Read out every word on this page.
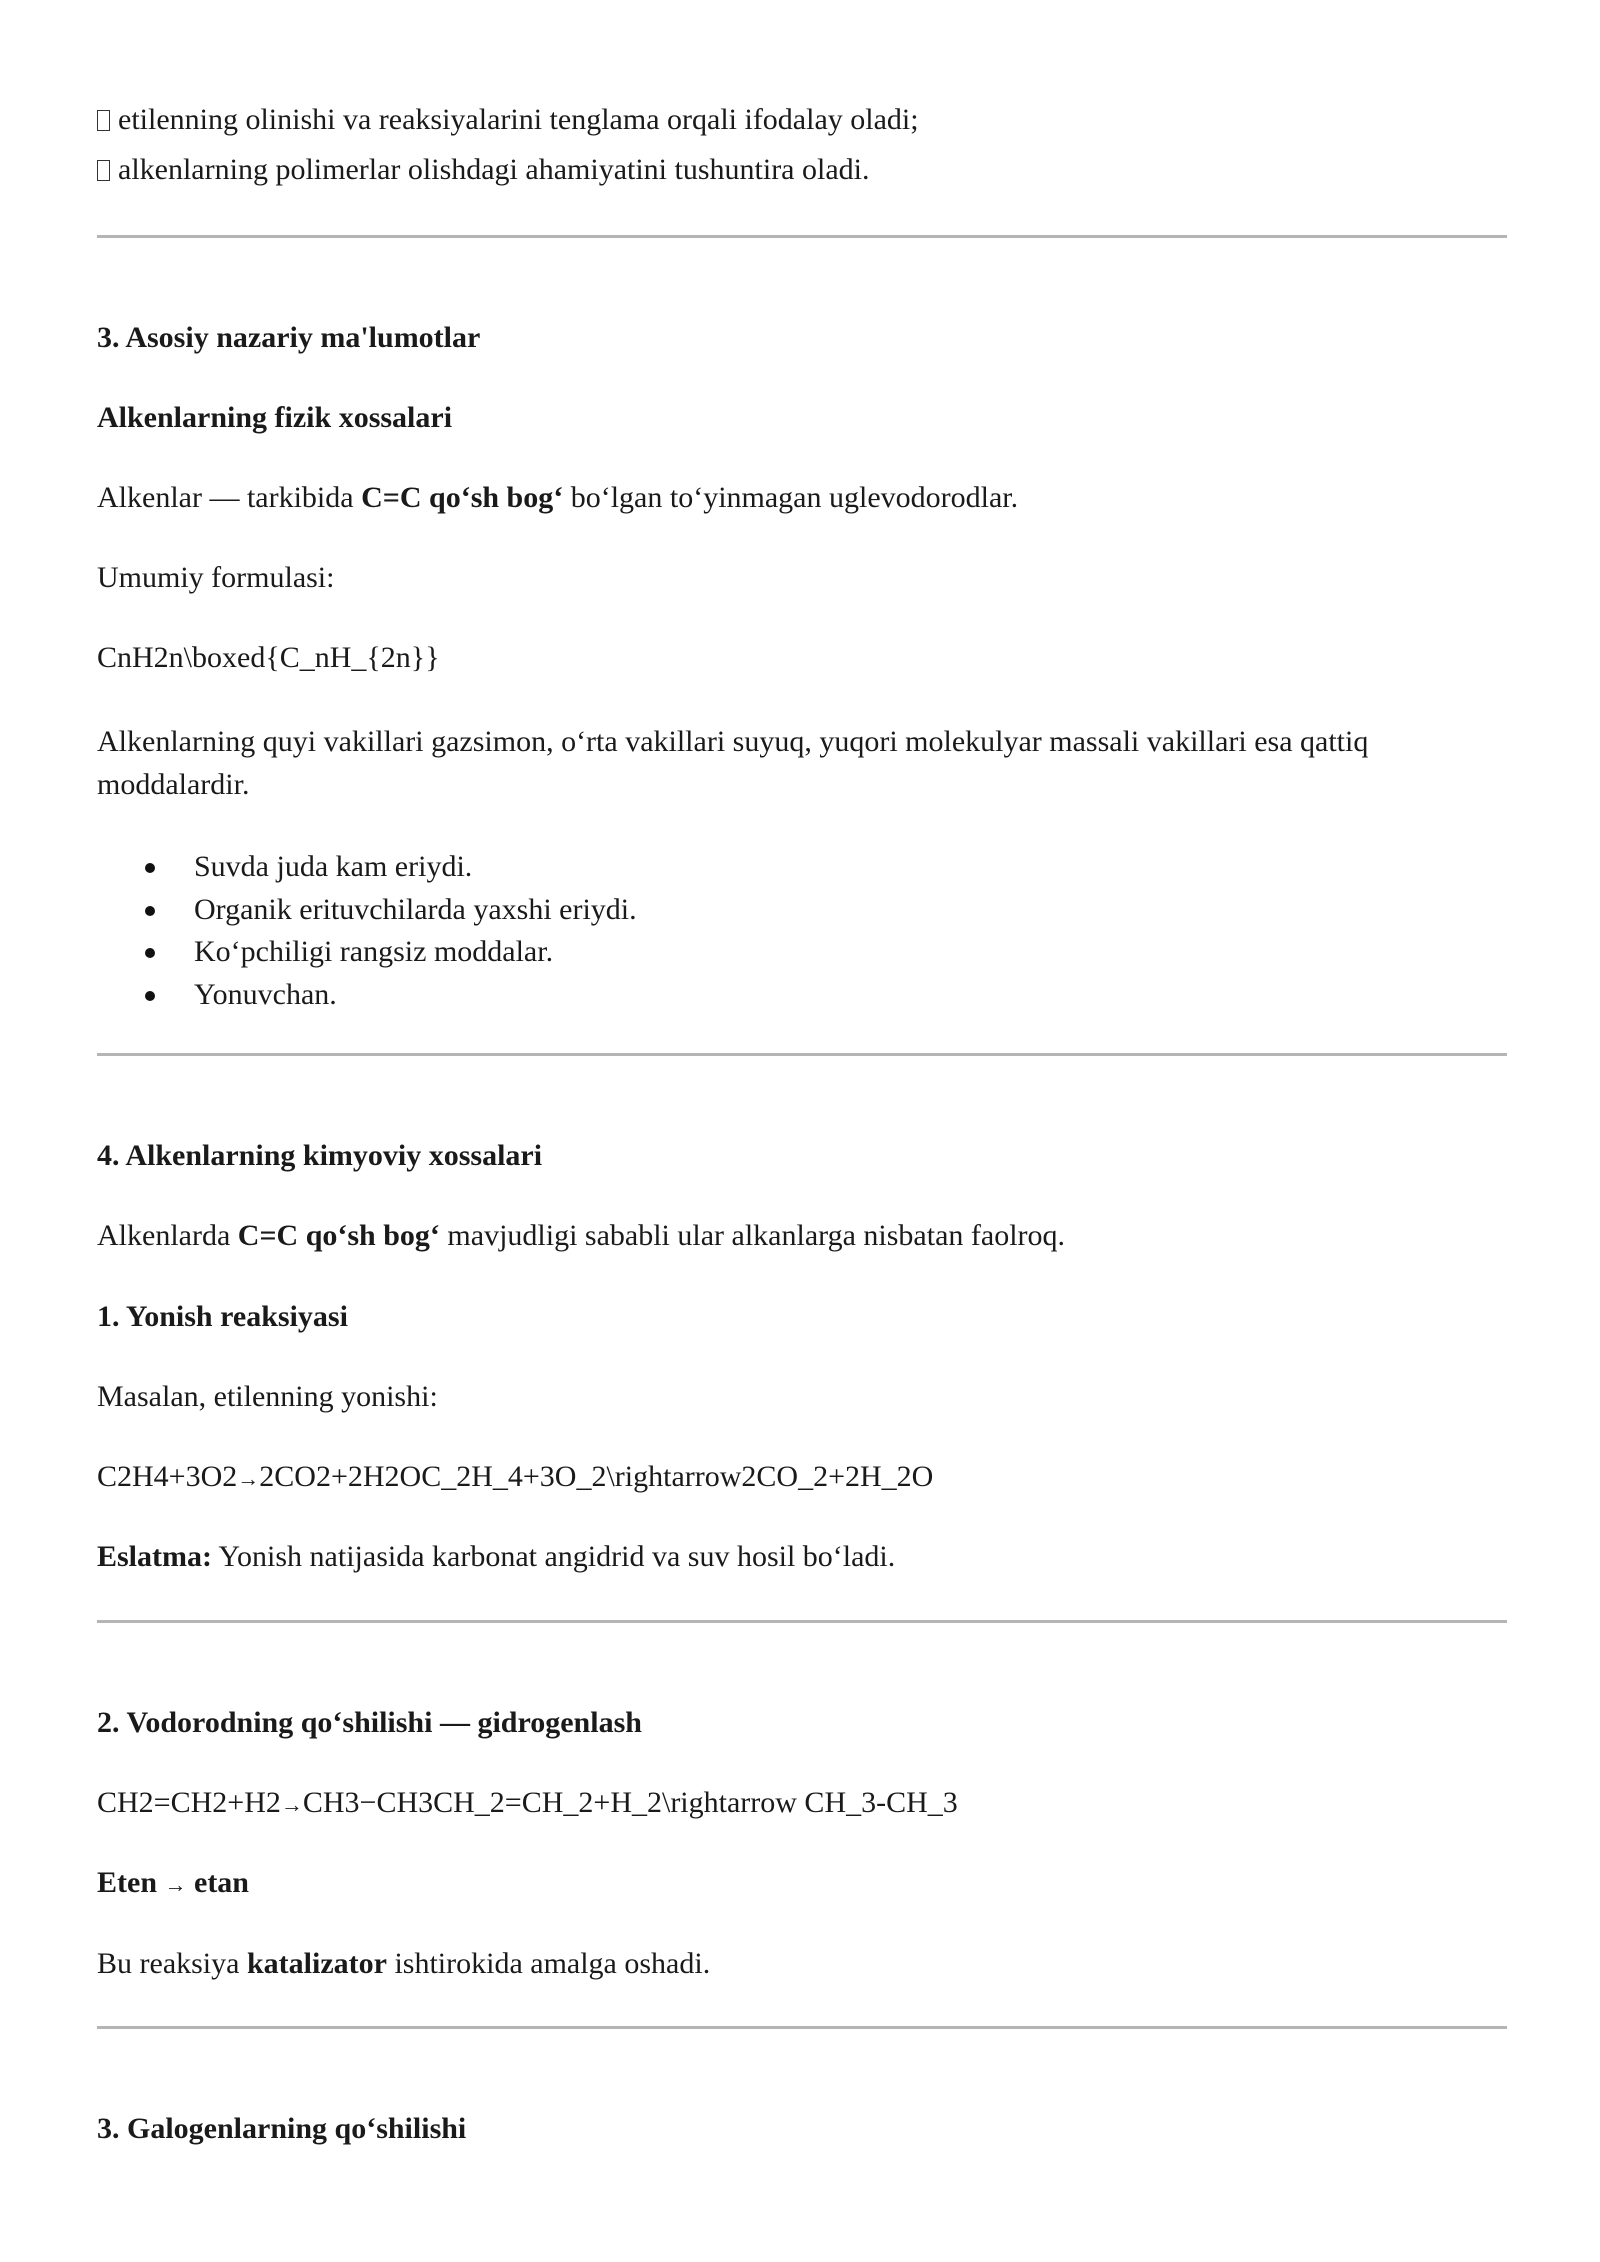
etilenning olinishi va reaksiyalarini tenglama orqali ifodalay oladi;
alkenlarning polimerlar olishdagi ahamiyatini tushuntira oladi.
3. Asosiy nazariy ma'lumotlar
Alkenlarning fizik xossalari
Alkenlar — tarkibida C=C qo‘sh bog‘ bo‘lgan to‘yinmagan uglevodorodlar.
Umumiy formulasi:
CnH2n\boxed{C_nH_{2n}}
Alkenlarning quyi vakillari gazsimon, o‘rta vakillari suyuq, yuqori molekulyar massali vakillari esa qattiq moddalardir.
Suvda juda kam eriydi.
Organik erituvchilarda yaxshi eriydi.
Ko‘pchiligi rangsiz moddalar.
Yonuvchan.
4. Alkenlarning kimyoviy xossalari
Alkenlarda C=C qo‘sh bog‘ mavjudligi sababli ular alkanlarga nisbatan faolroq.
1. Yonish reaksiyasi
Masalan, etilenning yonishi:
C2H4+3O2→2CO2+2H2OC_2H_4+3O_2\rightarrow2CO_2+2H_2O
Eslatma: Yonish natijasida karbonat angidrid va suv hosil bo‘ladi.
2. Vodorodning qo‘shilishi — gidrogenlash
CH2=CH2+H2→CH3−CH3CH_2=CH_2+H_2\rightarrow CH_3-CH_3
Eten → etan
Bu reaksiya katalizator ishtirokida amalga oshadi.
3. Galogenlarning qo‘shilishi
